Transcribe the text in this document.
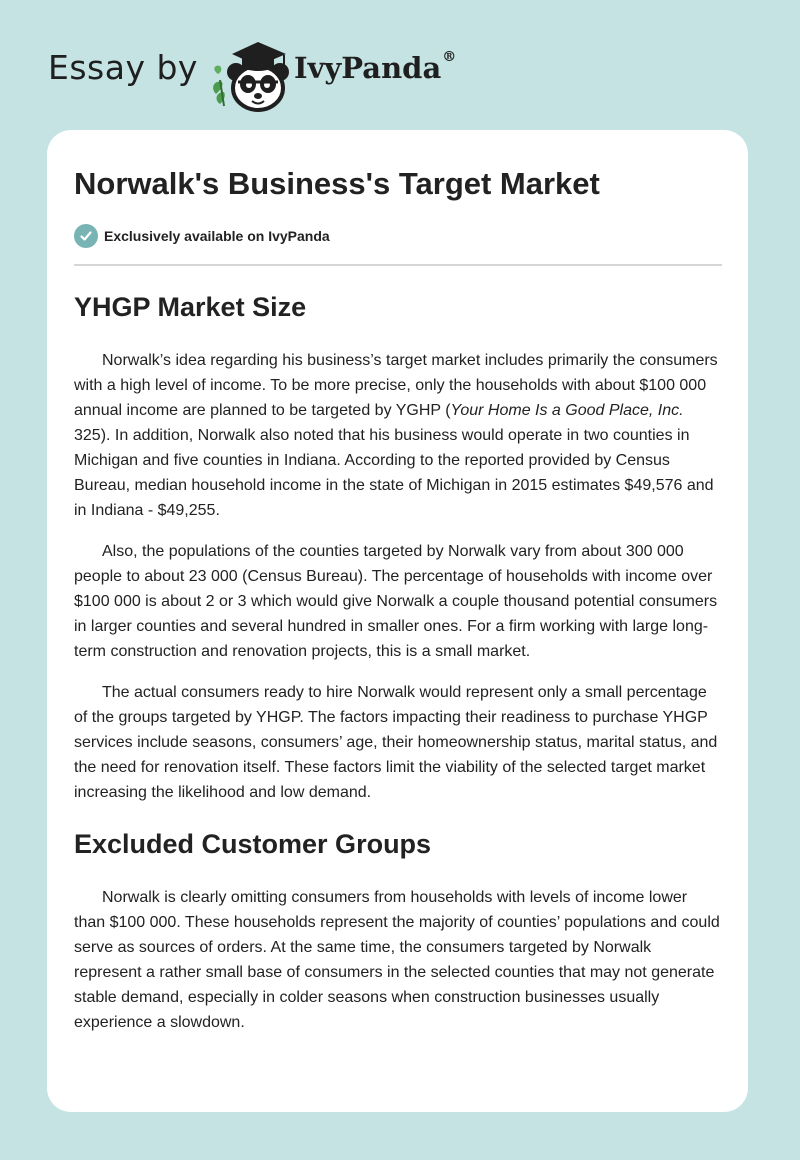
Essay by	IvyPanda®
Norwalk's Business's Target Market
Exclusively available on IvyPanda
YHGP Market Size

Norwalk’s idea regarding his business’s target market includes primarily the consumers with a high level of income. To be more precise, only the households with about $100 000 annual income are planned to be targeted by YGHP (Your Home Is a Good Place, Inc. 325). In addition, Norwalk also noted that his business would operate in two counties in Michigan and five counties in Indiana. According to the reported provided by Census Bureau, median household income in the state of Michigan in 2015 estimates $49,576 and in Indiana - $49,255.

Also, the populations of the counties targeted by Norwalk vary from about 300 000 people to about 23 000 (Census Bureau). The percentage of households with income over $100 000 is about 2 or 3 which would give Norwalk a couple thousand potential consumers in larger counties and several hundred in smaller ones. For a firm working with large long-term construction and renovation projects, this is a small market.

The actual consumers ready to hire Norwalk would represent only a small percentage of the groups targeted by YHGP. The factors impacting their readiness to purchase YHGP services include seasons, consumers’ age, their homeownership status, marital status, and the need for renovation itself. These factors limit the viability of the selected target market increasing the likelihood and low demand.

Excluded Customer Groups

Norwalk is clearly omitting consumers from households with levels of income lower than $100 000. These households represent the majority of counties’ populations and could serve as sources of orders. At the same time, the consumers targeted by Norwalk represent a rather small base of consumers in the selected counties that may not generate stable demand, especially in colder seasons when construction businesses usually experience a slowdown.
